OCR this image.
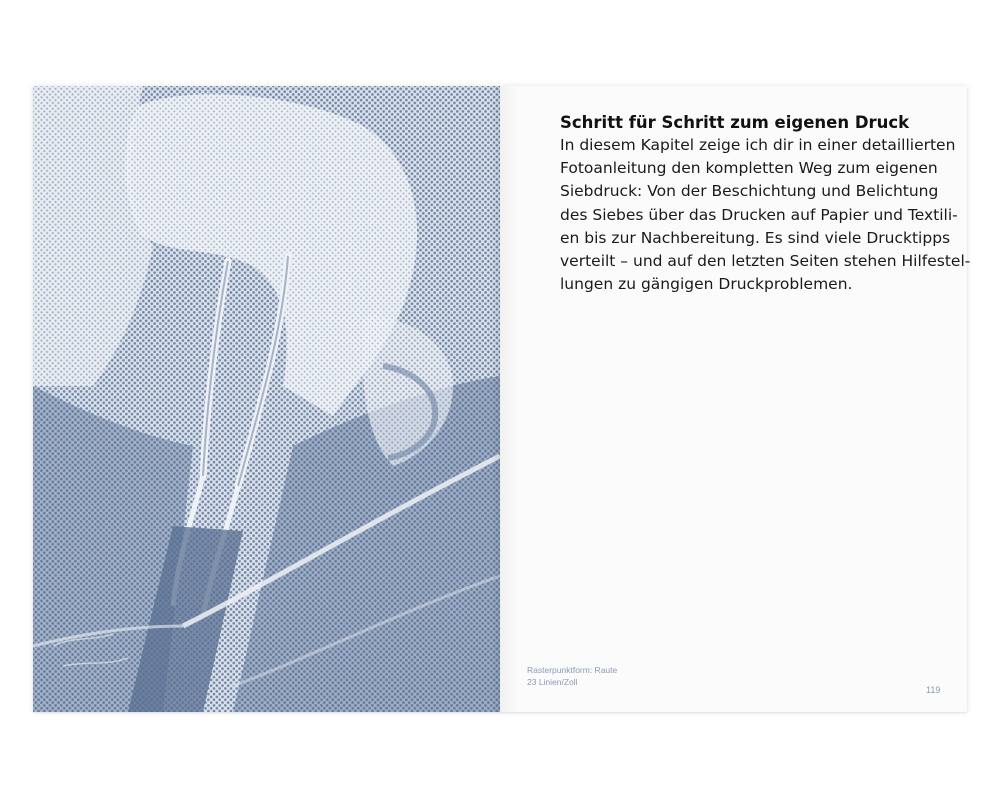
Schritt für Schritt zum eigenen Druck

In diesem Kapitel zeige ich dir in einer detaillierten
Fotoanleitung den kompletten Weg zum eigenen
Siebdruck: Von der Beschichtung und Belichtung
des Siebes über das Drucken auf Papier und Textili-
en bis zur Nachbereitung. Es sind viele Drucktipps
verteilt – und auf den letzten Seiten stehen Hilfestel-
lungen zu gängigen Druckproblemen.

Rasterpunktform: Raute
23 Linien/Zoll
119
